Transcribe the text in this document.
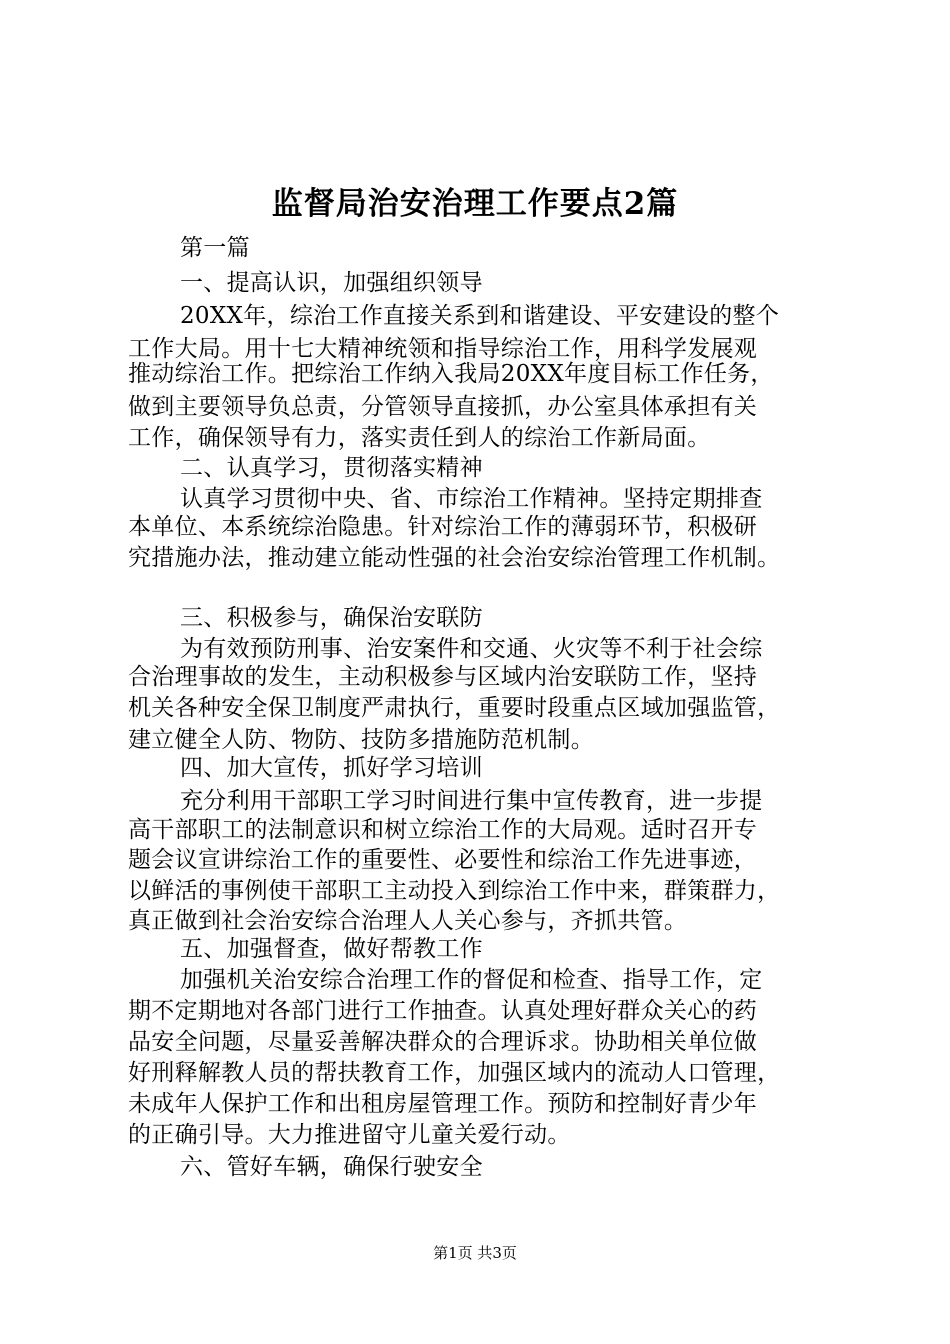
监督局治安治理工作要点2篇
第一篇
一、提高认识，加强组织领导
20XX年，综治工作直接关系到和谐建设、平安建设的整个
工作大局。用十七大精神统领和指导综治工作，用科学发展观
推动综治工作。把综治工作纳入我局20XX年度目标工作任务，
做到主要领导负总责，分管领导直接抓，办公室具体承担有关
工作，确保领导有力，落实责任到人的综治工作新局面。
二、认真学习，贯彻落实精神
认真学习贯彻中央、省、市综治工作精神。坚持定期排查
本单位、本系统综治隐患。针对综治工作的薄弱环节，积极研
究措施办法，推动建立能动性强的社会治安综治管理工作机制。
三、积极参与，确保治安联防
为有效预防刑事、治安案件和交通、火灾等不利于社会综
合治理事故的发生，主动积极参与区域内治安联防工作，坚持
机关各种安全保卫制度严肃执行，重要时段重点区域加强监管，
建立健全人防、物防、技防多措施防范机制。
四、加大宣传，抓好学习培训
充分利用干部职工学习时间进行集中宣传教育，进一步提
高干部职工的法制意识和树立综治工作的大局观。适时召开专
题会议宣讲综治工作的重要性、必要性和综治工作先进事迹，
以鲜活的事例使干部职工主动投入到综治工作中来，群策群力，
真正做到社会治安综合治理人人关心参与，齐抓共管。
五、加强督查，做好帮教工作
加强机关治安综合治理工作的督促和检查、指导工作，定
期不定期地对各部门进行工作抽查。认真处理好群众关心的药
品安全问题，尽量妥善解决群众的合理诉求。协助相关单位做
好刑释解教人员的帮扶教育工作，加强区域内的流动人口管理，
未成年人保护工作和出租房屋管理工作。预防和控制好青少年
的正确引导。大力推进留守儿童关爱行动。
六、管好车辆，确保行驶安全
第1页 共3页
